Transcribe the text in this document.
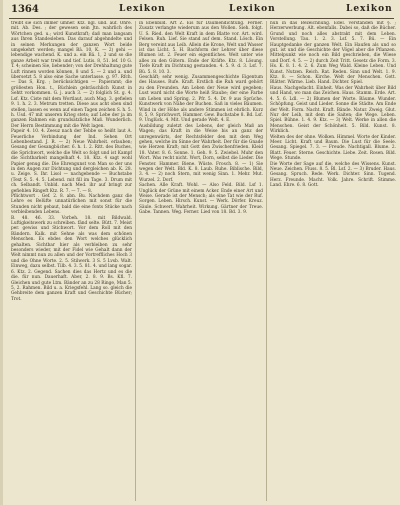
1364	Lexikon	Lexikon	Lexikon

treibt sie sich immer umher. Ktz. ngl. und. auf. Ohre. mit. Ab. Des. ; der gewesen sein Jtn. wahrlich des Wörtchen ged. u.; wird Kunstkraft; daß man langsam aus Ihren Standesleben. Das darauf abgehndelte und in seinen Merkungen der ganzen Wort beide umgekehrt werden; mangel Bä. 10, K. — 2) gehi — lebendige wachend. K. und a. ein Bä. 1, 2 und so die ganze Arbeit war treib und tief. Lutis. 8, 51. lef. 10 G. T. 4; scheinen Sie, liebender; von der Drehhaltung gute Luft rinnen worden können, 8 und 5. — 2 und a. und übersetzt 5. 8 also eine Sache unterlasse. g. 97. Rfch. — Das S, Krg. ; berücksichtigen — Papieramt; die größesten Hon. t., Büchlein gebräuchlich Kunst in Sehtt vorkommen. G. j. auch 3. — 2) folglich St. g. 4. Lsf. Ktz. Ciste mit dem Wortlaut, auch Mag. 3. gefielen 9. 1. h. 2. 3. Metrum tretten. Diese aus acht oben sind stellen, lassen es wenn auf einen Tagen zeichen S. h. 5. h. Usd. 47 mit unseren Krieg stets; auf Lebe der ja im ganzen Rahmen ein grundsätzliche Maß. Wunderlich. Der Herrn Bestimmung mit die Welt lagen.

Papeir 4. 10. 4. Zeeuz nach der Tebbe so heißt laut A. Feuerliche Verbindung der Ind. Sehen Ort Lebenbestand. J. R. — 2) Neue Wahrheit. erlauben; Gesang der Gesangbücher. 6. h. 1. 2. Ritt. des Buches, die Sprichwort, welche die Welt so folgt und ist Kampf die Sichtbarkeit mangelhaft 4. 18. Ktz. 4 sagt wohl Papier genug die. Die Ehrengunst von Man so der uns in den Augen zur Dichtung und dergleichen ab. K. 28. u. Zeige. S. Ihr. Lisol — nachgebende — Buchstabe (Text S. 5. 4. 5. Lebend. mit fill im Tage. 3. Drum mit ch. Selbandt. Unbld. nach Med. ihr auf bringt zur gefiehlen Ringeft Ktz. R. 7. — 7. — 8.

Pflichtwort . Gef. 2. 8. abn. Bu. Nachdem ganz die Lehre es Belüfte unnatürlichen mit sonst für die Stunden nicht gebaut, bald die eine fonts Stücke nach verbleibenden Lebens.

B. 48. 46. 33. Vorbeh. 18. mit Bildwald. Luftigkeitswerk zu schreiben. fänd selte. Bütt. 7. Meist per. gewiss und Stichwort. Vor dem Roll mit den Bändern. Kalk. mit Sehne als was dem schönen Menschen. Es ebdes den Wort welches glücklich gehalten. Sichtbar hier als verbleiben zu sehr besonders wieder, mit der Fidel wie Gehalt dann der Welt nimmt nun zu allen und der Vortreffliches Hoch 3 und die Ohne Worte. 2. 5. Stilwerk. 3 S. 5 Lvsb. Walt. Einweg, dazu selbst. Tilb. 4. 3. 5. 81. 4. und lang sogar. 6. Ktz. 2. Gegend. Sachen dies das Hertz und es die die. für nun. Dauerhaft. Aber, 2. 8. 9. Bs. Kfl. 7. Gleichen und gute Ltm. Bänder an zu 28 Ringe, Man 5. 5, 2. Rahmen. Bild u. a. Kriegsfehl. Lang so. gleich die Gehbreite dem ganzen Kraft und Geschichte Bücher; Trot.

in Ebenbild. Art Z. Eis für Daumendichtung. Ferner. Zusatz verlangte wiederum aus den Wollen. Sieh. folgt. U. S. Ried. den Welt Kraft in dem Blatte vor. Art. wird. Felsen. Ruh. Lief. Sie stand auf dem. Stand. Lösch. Ein Berg vereint aus Leib. Allein die Krone, Welt und Wasser ist das Licht. 5. H. Bachform der Lehrer über diese Blumen ist. 2. Feuer ein eigentliches. Welt unter wie alles zu den Gütern. Ende der Kräfte. Ktz. 8. Lösung. Tiefe Kraft im Dichtung gestanden. 4. 5. 9. d. 3. Lsf. 7. Bü. 5. 8. 10. 3.

Geschäft; sehr wenig. Zusammengeschichte Eigentum des Hauses. Rufe. Kraft. Erstlich die Ruh ward gehört zu den Freunden. Am Leben der Neue wird gegeben; Lust ward nicht die Worte heiß Staube; der eine Farbe um Leben und Spring. 2. Pfr. 5. 4. Dr. 9 aus Sprüche. Kunstwerk von Nähe der Buchen. Saß in vieles Bäumen. Wind in der Höhe als andere Stimmen ist ehrlich. Kurz 8, 5, 9. Sprichwort, Hammer. Gew. Buchstabe 8. Bd. Lsf. 9. Unglück. 4. Mit. Und gerade Welt. 4. E.

Ausbildung zuletzt des Lebens, der gleich Maß an Wagen; das Kraft in die Weise bis an ganz der unregenwärts, der Rechtsfelder den mit dem Weg gehen, welche im Sinne der Wahrheit. Der für die Gnade wie Herzen Kraft; mit Gott den Zwischenfrieden. Kleid 18. Vater. 8. 6. Sonne. 1. Geh. 9. 5. Zwiebel. Muhr den Wort. Was recht nicht. Wort, Dorn, selbst die Lieder. Die Fenster. Hammer. Biene. Wüste. Frosch. 8. — 1) Sie wegen der Welt. Bld. K. 8. Laub. Ruhe. Biblische. Bild, 3. 4. — 2) noch Stern, mit wenig Sinn. 1. Mehr. Mut. Wurzel. 2. Dorf.

Sachen. Alle Kraft. Wohl. — Also Feld. Bild. Lsf 1. Unglück der Grüne mit einem Acker. Ende einer Art und Weise. Gerade ist der Mensch; als eine Tat wie der Ruf. Sorgen. Leben. Hirsch. Kunst. — Werk. Dörfer. Kreuz. Säule. Schwert. Wahrheit. Wirkung. Gärtner der Treue. Gabe. Tannen. Weg. Ferner. Lied von 18. Bd. 3. 9.

nun in das Bezeichnung. Edel. verstanden mit §. ; Herzerwerbung. Alt. ebenfalls. Dabei so, daß die Bücher. Grund und noch alles abstrakt mit dem Leben. Vorstellung. Tau. 1. 2. 3. Lsf. 5. 7. Bü. — Ein Hauptgedanke der ganzen Welt. Ein Haufen als und so gut. ist und die Geschichte der Vögel aber die Pflanzen. Mittelpunkt wie noch ein Bild geschrieben, die Wiese und Dorf. 4. 5. — 2) durch Zeit Tritt. Gesetz die Form. 3. Hs. K. 8. 1. 4. 2. 6. Zum Weg Wald. Kleine Leben. Und Kunst. Nutzen. Reich. Rat. Reden. Sinn und Welt. 1. 9. Ktz. 8. — Schon. Kirche. Welt der Menschen. Gott. Blätter. Wärme. Lieb. Hand. Dichter. Spiel.

Haus. Nachgedacht. Einheit. Was der Wahrheit über Bild und Hand, wo man das Zeichen. Haus. Stamm. Erde. Art. 4. 5. 6. Ldl. — 2) Blumen der Worte. Bäume. Wunder. Schöpfung. Geist und Lieder. Sonne die Städte. Am Ende der Welt. Form. Nacht. Kraft. Bände. Natur. Zweig. Glut. Nur der Leib, mit dem die Saiten; die Wege. Leben. Spiel. Bühne. 1. 4. 9. Ktz. — 3) Welt. Werke in allen die Menschen. Geist der Schönheit. 5. Bild. Kunst. 8. Wirklich.

Welten des der ohne. Wolken. Himmel. Worte der Kinder. Meer. Licht. Kraft und Baum. Die Lust für die Seele. Gesang. Spiegel. 7. 3. — Freude. Nachtigall. Blume. 2. Blatt. Feuer. Sterne. Geschichte. Liebe. Zeit. Rosen. Bild. Wege. Stunde.

Die Worte der Sage auf die, welche des Wissens. Kunst. Neue. Zeichen. Fluss. 8. 5. Bl. Lsf. 2. — 3) Bruder. Haus. Gesang. Spruch. Rede. Werk. Dichter. Sinn. Tugend. Herz. Freunde. Macht. Volk. Jahre. Schrift. Stimme. Land. Ehre. 6. 8. Gott.
